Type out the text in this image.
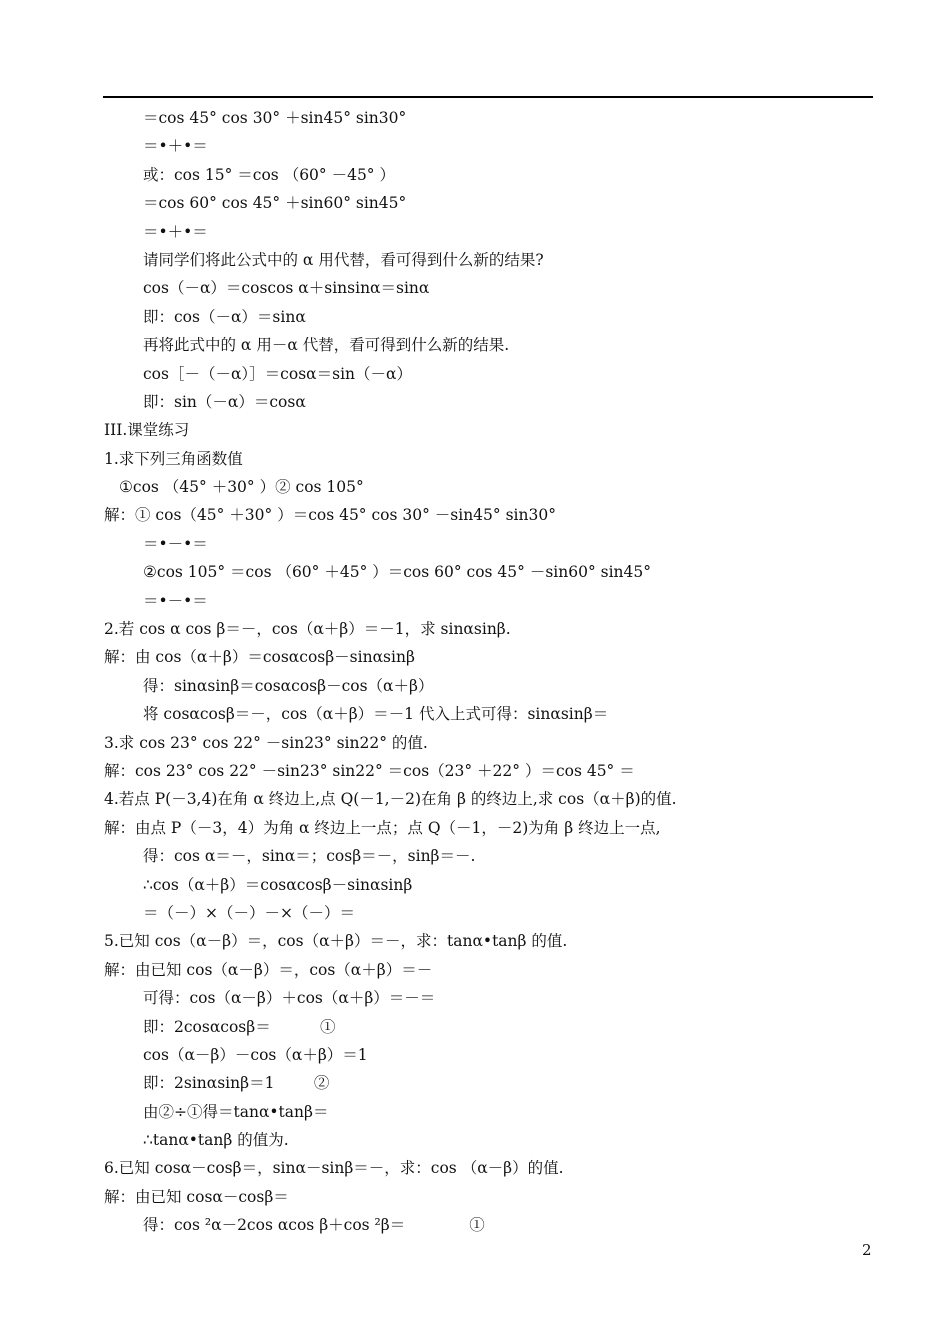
＝cos 45° cos 30° ＋sin45° sin30°
＝•＋•＝
或：cos 15° ＝cos （60° －45° ）
＝cos 60° cos 45° ＋sin60° sin45°
＝•＋•＝
请同学们将此公式中的 α 用代替，看可得到什么新的结果?
cos（－α）＝coscos α＋sinsinα＝sinα
即：cos（－α）＝sinα
再将此式中的 α 用－α 代替，看可得到什么新的结果.
cos［－（－α）］＝cosα＝sin（－α）
即：sin（－α）＝cosα
III.课堂练习
1.求下列三角函数值
①cos （45° ＋30° ）② cos 105°
解：① cos（45° ＋30° ）＝cos 45° cos 30° －sin45° sin30°
＝•－•＝
②cos 105° ＝cos （60° ＋45° ）＝cos 60° cos 45° －sin60° sin45°
＝•－•＝
2.若 cos α cos β＝－，cos（α＋β）＝－1，求 sinαsinβ.
解：由 cos（α＋β）＝cosαcosβ－sinαsinβ
得：sinαsinβ＝cosαcosβ－cos（α＋β）
将 cosαcosβ＝－，cos（α＋β）＝－1 代入上式可得：sinαsinβ＝
3.求 cos 23° cos 22° －sin23° sin22° 的值.
解：cos 23° cos 22° －sin23° sin22° ＝cos（23° ＋22° ）＝cos 45° ＝
4.若点 P(－3,4)在角 α 终边上,点 Q(－1,－2)在角 β 的终边上,求 cos（α＋β)的值.
解：由点 P（－3，4）为角 α 终边上一点；点 Q（－1，－2)为角 β 终边上一点,
得：cos α＝－，sinα＝；cosβ＝－，sinβ＝－.
∴cos（α＋β）＝cosαcosβ－sinαsinβ
＝（－）×（－）－×（－）＝
5.已知 cos（α－β）＝，cos（α＋β）＝－，求：tanα•tanβ 的值.
解：由已知 cos（α－β）＝，cos（α＋β）＝－
可得：cos（α－β）＋cos（α＋β）＝－＝
即：2cosαcosβ＝          ①
cos（α－β）－cos（α＋β）＝1
即：2sinαsinβ＝1        ②
由②÷①得＝tanα•tanβ＝
∴tanα•tanβ 的值为.
6.已知 cosα－cosβ＝，sinα－sinβ＝－，求：cos （α－β）的值.
解：由已知 cosα－cosβ＝
得：cos ²α－2cos αcos β＋cos ²β＝             ①
2
